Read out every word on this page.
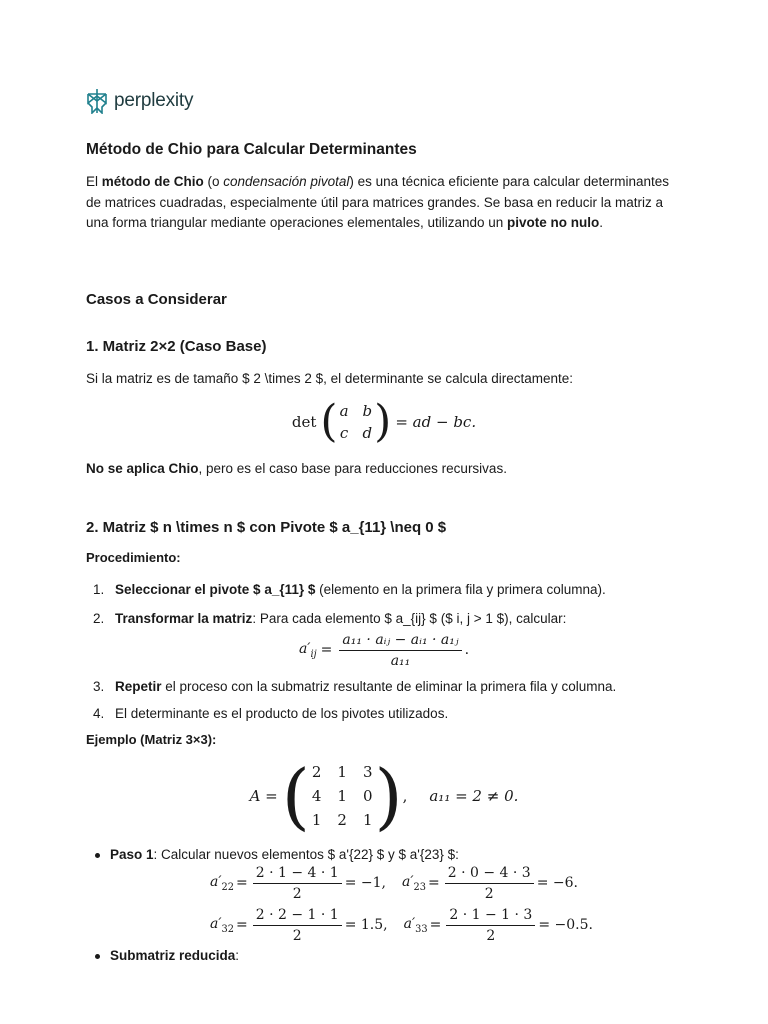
perplexity
Método de Chio para Calcular Determinantes
El método de Chio (o condensación pivotal) es una técnica eficiente para calcular determinantes de matrices cuadradas, especialmente útil para matrices grandes. Se basa en reducir la matriz a una forma triangular mediante operaciones elementales, utilizando un pivote no nulo.
Casos a Considerar
1. Matriz 2×2 (Caso Base)
Si la matriz es de tamaño $ 2 \times 2 $, el determinante se calcula directamente:
det ( a b
c d ) = ad − bc.
No se aplica Chio, pero es el caso base para reducciones recursivas.
2. Matriz $ n \times n $ con Pivote $ a_{11} \neq 0 $
Procedimiento:
1. Seleccionar el pivote $ a_{11} $ (elemento en la primera fila y primera columna).
2. Transformar la matriz: Para cada elemento $ a_{ij} $ ($ i, j > 1 $), calcular:
$a'_{ij} = \frac{\text{a₁₁ · aᵢⱼ − aᵢ₁ · a₁ⱼ}}{\text{a₁₁}}$ .
3. Repetir el proceso con la submatriz resultante de eliminar la primera fila y columna.
4. El determinante es el producto de los pivotes utilizados.
Ejemplo (Matriz 3×3):
A = ( 2 1 3
4 1 0
1 2 1 ) , a₁₁ = 2 ≠ 0.
Paso 1: Calcular nuevos elementos $ a'{22} $ y $ a'{23} $:
$a'_{22} = \frac{2 \cdot 1 - 4 \cdot 1}{2} = -1$, $a'_{23} = \frac{2 \cdot 0 - 4 \cdot 3}{2} = -6$.
$a'_{32} = \frac{2 \cdot 2 - 1 \cdot 1}{2} = 1.5$, $a'_{33} = \frac{2 \cdot 1 - 1 \cdot 3}{2} = -0.5$.
Submatriz reducida:
